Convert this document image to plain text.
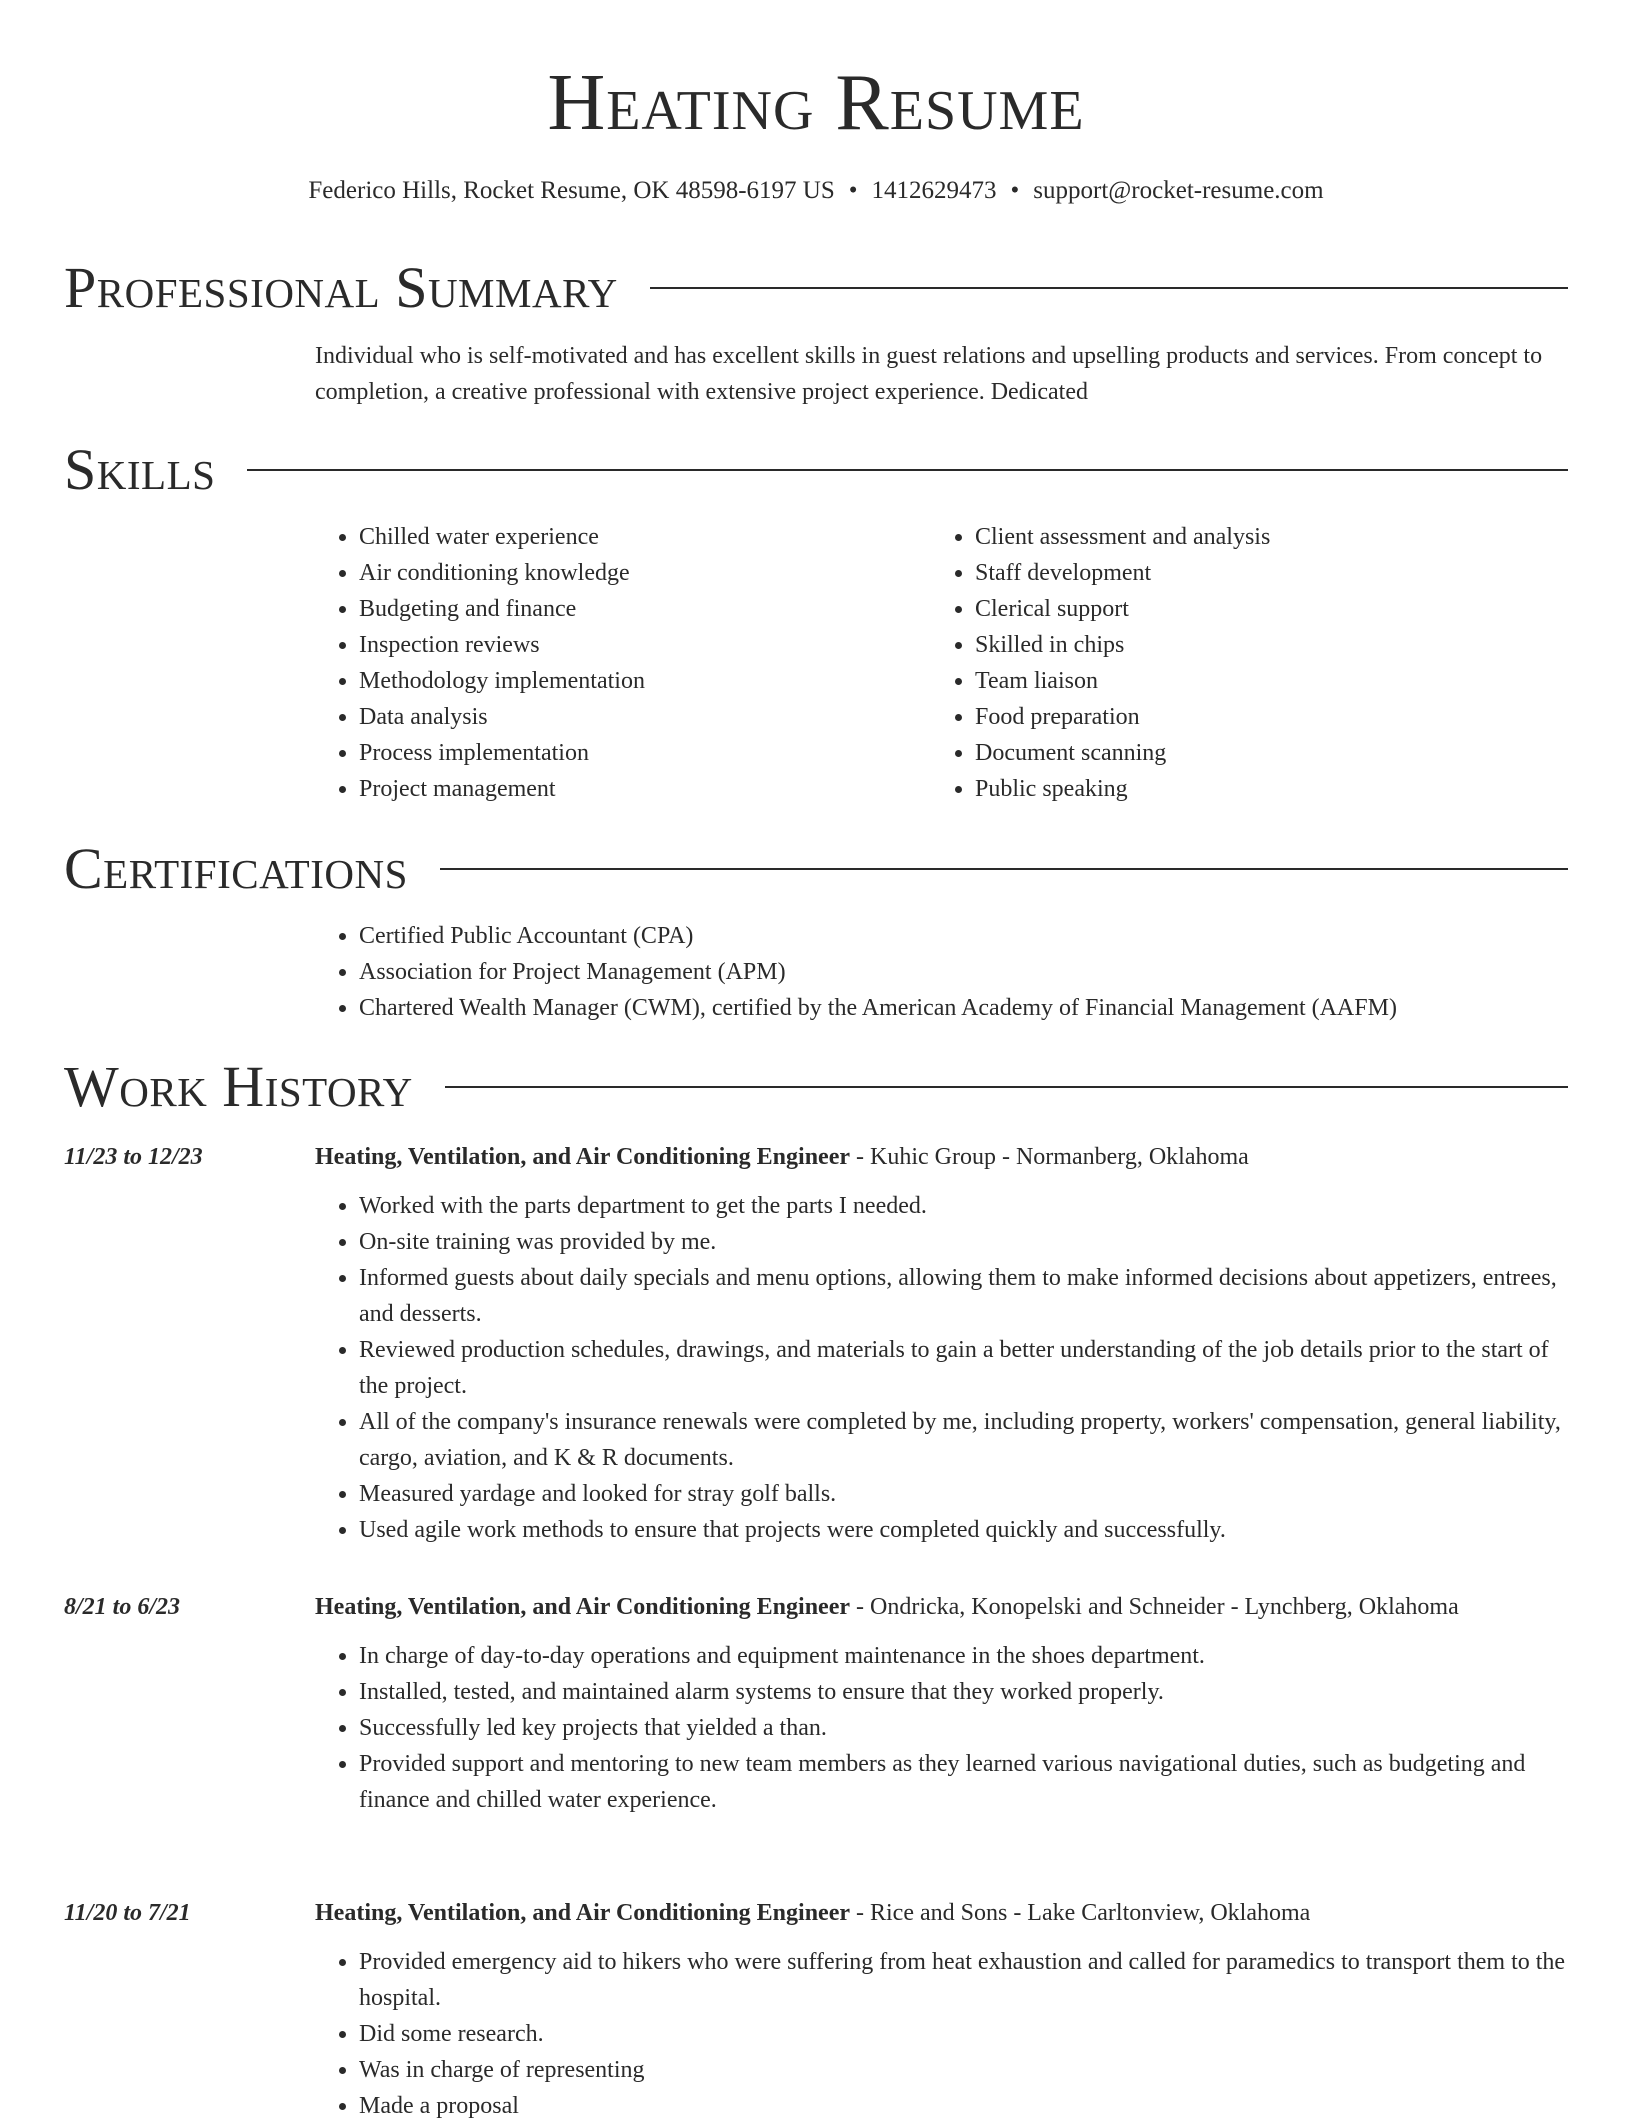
Heating Resume
Federico Hills, Rocket Resume, OK 48598-6197 US • 1412629473 • support@rocket-resume.com
Professional Summary
Individual who is self-motivated and has excellent skills in guest relations and upselling products and services. From concept to completion, a creative professional with extensive project experience. Dedicated
Skills
• Chilled water experience
• Air conditioning knowledge
• Budgeting and finance
• Inspection reviews
• Methodology implementation
• Data analysis
• Process implementation
• Project management
• Client assessment and analysis
• Staff development
• Clerical support
• Skilled in chips
• Team liaison
• Food preparation
• Document scanning
• Public speaking
Certifications
• Certified Public Accountant (CPA)
• Association for Project Management (APM)
• Chartered Wealth Manager (CWM), certified by the American Academy of Financial Management (AAFM)
Work History
11/23 to 12/23	Heating, Ventilation, and Air Conditioning Engineer - Kuhic Group - Normanberg, Oklahoma
• Worked with the parts department to get the parts I needed.
• On-site training was provided by me.
• Informed guests about daily specials and menu options, allowing them to make informed decisions about appetizers, entrees, and desserts.
• Reviewed production schedules, drawings, and materials to gain a better understanding of the job details prior to the start of the project.
• All of the company's insurance renewals were completed by me, including property, workers' compensation, general liability, cargo, aviation, and K & R documents.
• Measured yardage and looked for stray golf balls.
• Used agile work methods to ensure that projects were completed quickly and successfully.
8/21 to 6/23	Heating, Ventilation, and Air Conditioning Engineer - Ondricka, Konopelski and Schneider - Lynchberg, Oklahoma
• In charge of day-to-day operations and equipment maintenance in the shoes department.
• Installed, tested, and maintained alarm systems to ensure that they worked properly.
• Successfully led key projects that yielded a than.
• Provided support and mentoring to new team members as they learned various navigational duties, such as budgeting and finance and chilled water experience.
11/20 to 7/21	Heating, Ventilation, and Air Conditioning Engineer - Rice and Sons - Lake Carltonview, Oklahoma
• Provided emergency aid to hikers who were suffering from heat exhaustion and called for paramedics to transport them to the hospital.
• Did some research.
• Was in charge of representing
• Made a proposal
